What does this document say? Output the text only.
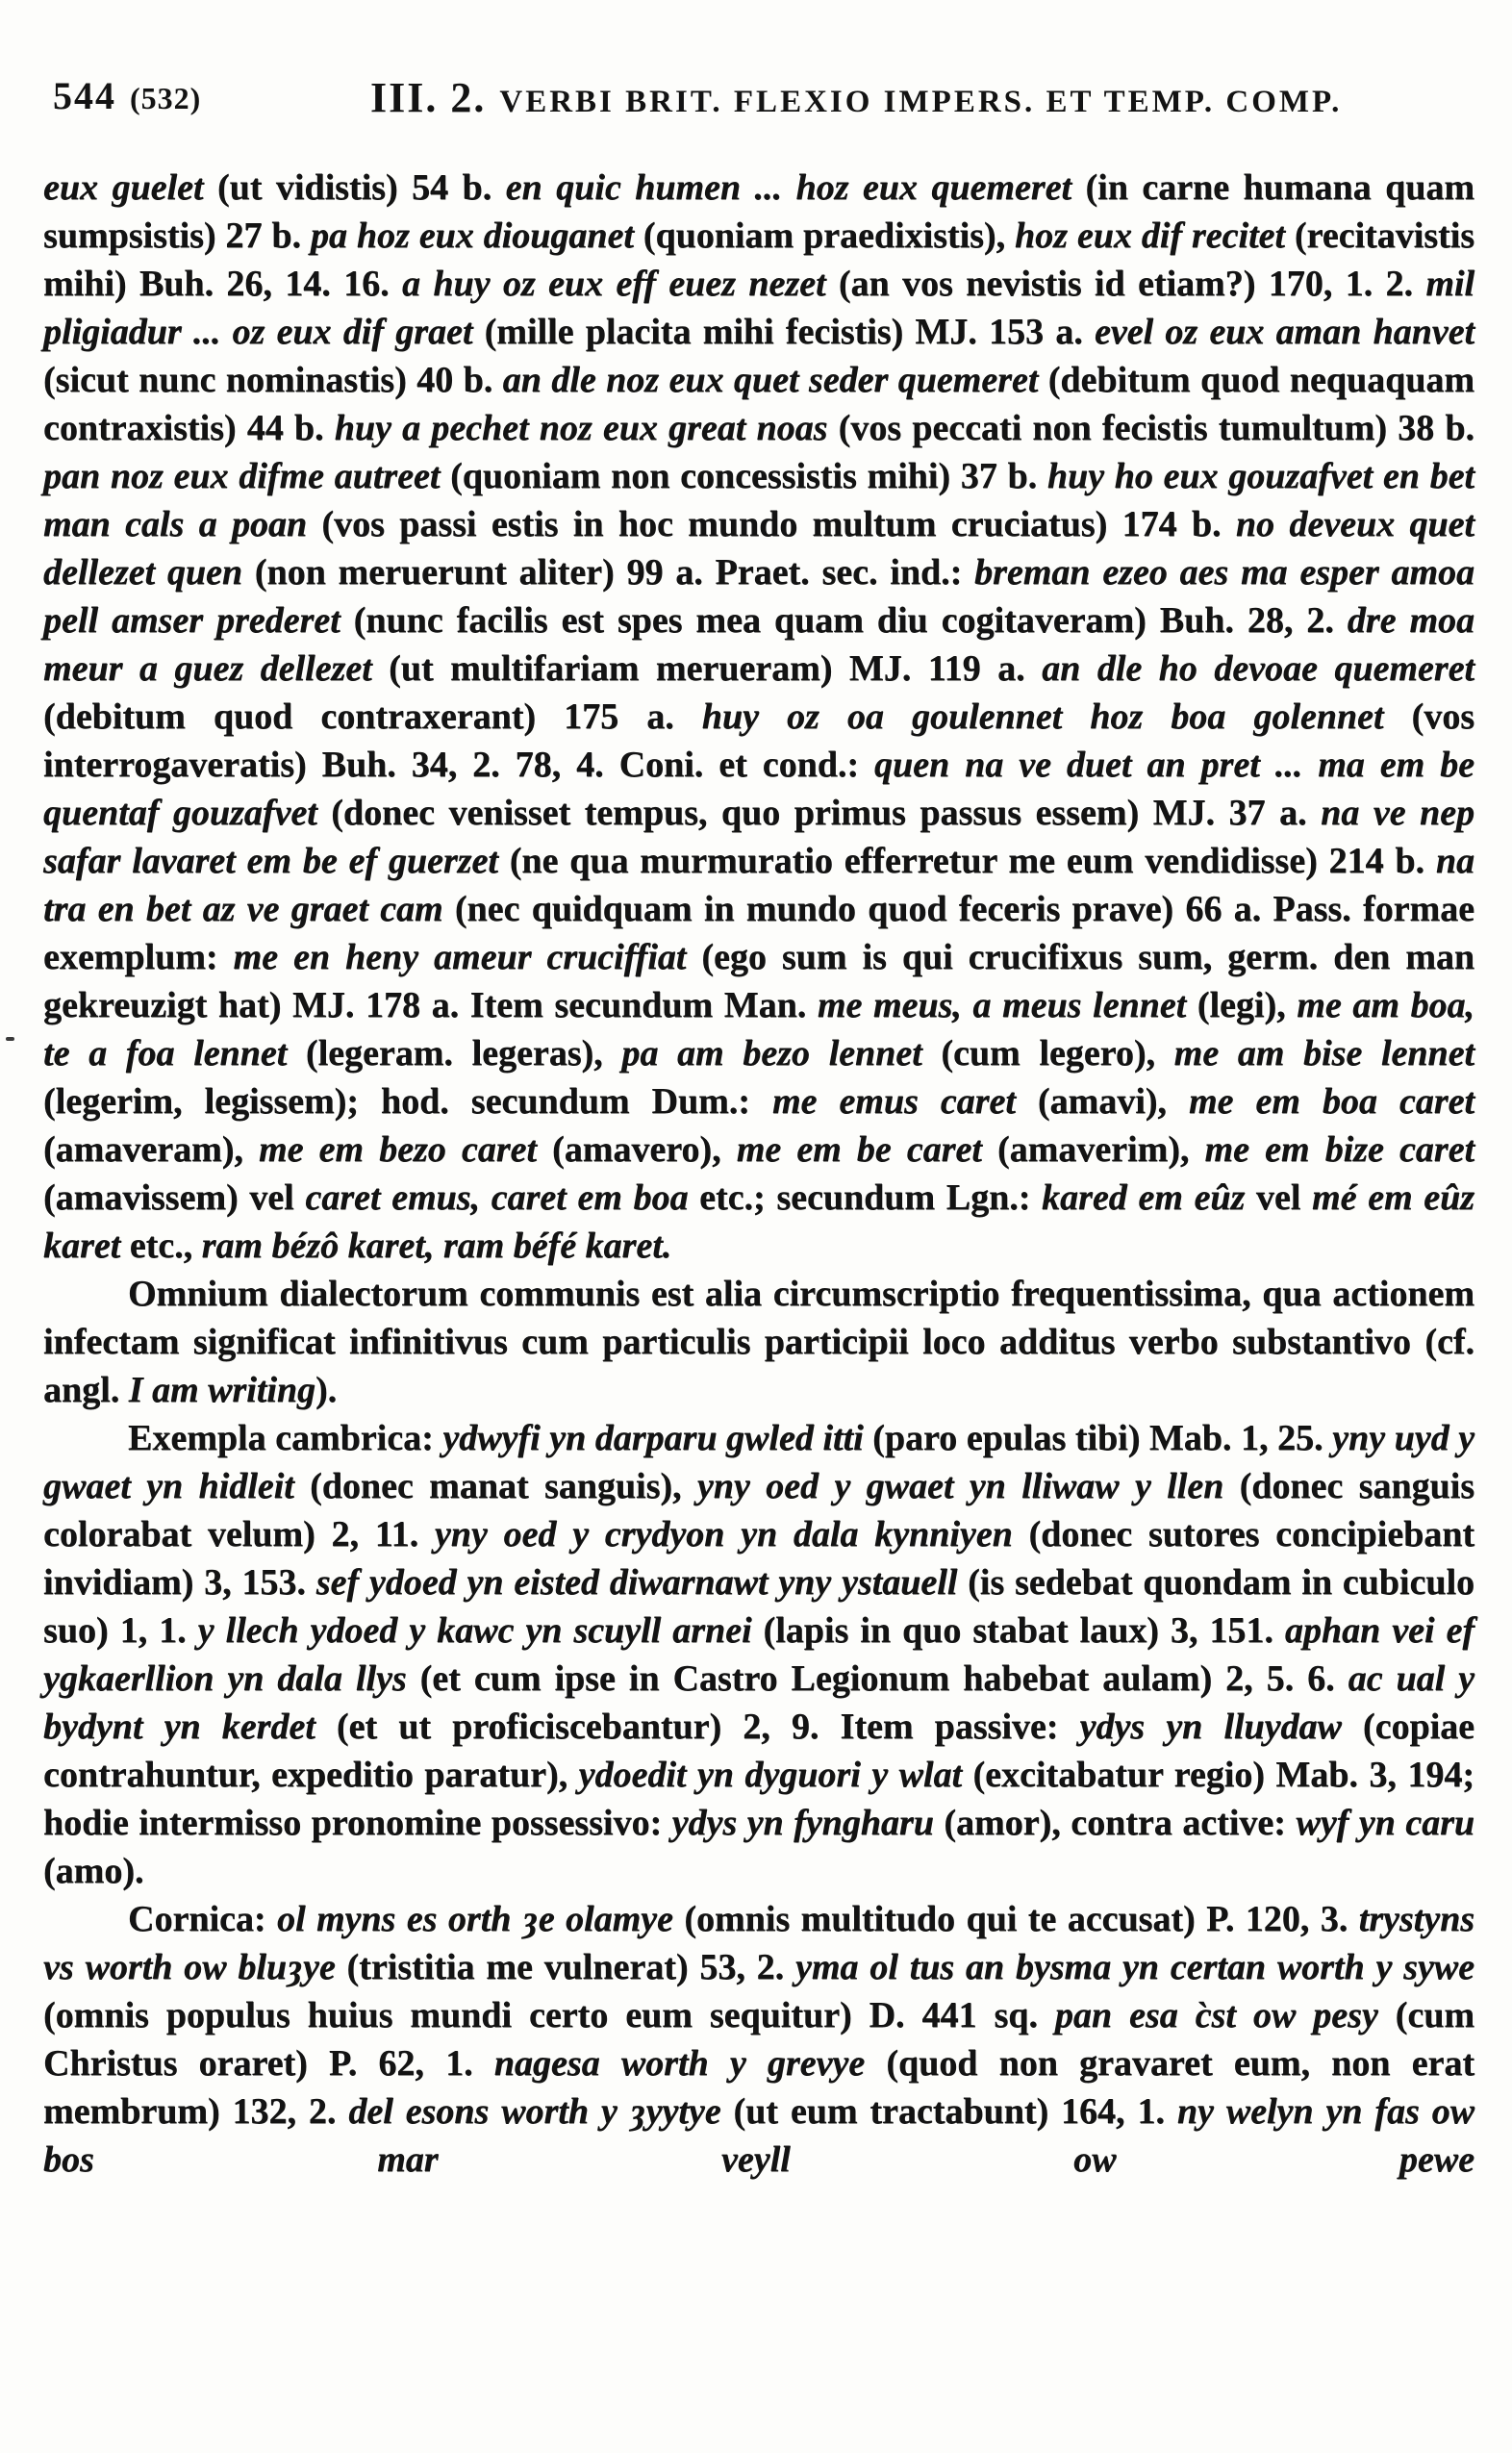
544 (532)	III. 2. VERBI BRIT. FLEXIO IMPERS. ET TEMP. COMP.

eux guelet (ut vidistis) 54 b. en quic humen ... hoz eux quemeret (in carne humana quam sumpsistis) 27 b. pa hoz eux diouganet (quoniam praedixistis), hoz eux dif recitet (recitavistis mihi) Buh. 26, 14. 16. a huy oz eux eff euez nezet (an vos nevistis id etiam?) 170, 1. 2. mil pligiadur ... oz eux dif graet (mille placita mihi fecistis) MJ. 153 a. evel oz eux aman hanvet (sicut nunc nominastis) 40 b. an dle noz eux quet seder quemeret (debitum quod nequaquam contraxistis) 44 b. huy a pechet noz eux great noas (vos peccati non fecistis tumultum) 38 b. pan noz eux difme autreet (quoniam non concessistis mihi) 37 b. huy ho eux gouzafvet en bet man cals a poan (vos passi estis in hoc mundo multum cruciatus) 174 b. no deveux quet dellezet quen (non meruerunt aliter) 99 a. Praet. sec. ind.: breman ezeo aes ma esper amoa pell amser prederet (nunc facilis est spes mea quam diu cogitaveram) Buh. 28, 2. dre moa meur a guez dellezet (ut multifariam merueram) MJ. 119 a. an dle ho devoae quemeret (debitum quod contraxerant) 175 a. huy oz oa goulennet hoz boa golennet (vos interrogaveratis) Buh. 34, 2. 78, 4. Coni. et cond.: quen na ve duet an pret ... ma em be quentaf gouzafvet (donec venisset tempus, quo primus passus essem) MJ. 37 a. na ve nep safar lavaret em be ef guerzet (ne qua murmuratio efferretur me eum vendidisse) 214 b. na tra en bet az ve graet cam (nec quidquam in mundo quod feceris prave) 66 a. Pass. formae exemplum: me en heny ameur cruciffiat (ego sum is qui crucifixus sum, germ. den man gekreuzigt hat) MJ. 178 a. Item secundum Man. me meus, a meus lennet (legi), me am boa, te a foa lennet (legeram. legeras), pa am bezo lennet (cum legero), me am bise lennet (legerim, legissem); hod. secundum Dum.: me emus caret (amavi), me em boa caret (amaveram), me em bezo caret (amavero), me em be caret (amaverim), me em bize caret (amavissem) vel caret emus, caret em boa etc.; secundum Lgn.: kared em eûz vel mé em eûz karet etc., ram bézô karet, ram béfé karet.

Omnium dialectorum communis est alia circumscriptio frequentissima, qua actionem infectam significat infinitivus cum particulis participii loco additus verbo substantivo (cf. angl. I am writing).

Exempla cambrica: ydwyfi yn darparu gwled itti (paro epulas tibi) Mab. 1, 25. yny uyd y gwaet yn hidleit (donec manat sanguis), yny oed y gwaet yn lliwaw y llen (donec sanguis colorabat velum) 2, 11. yny oed y crydyon yn dala kynniyen (donec sutores concipiebant invidiam) 3, 153. sef ydoed yn eisted diwarnawt yny ystauell (is sedebat quondam in cubiculo suo) 1, 1. y llech ydoed y kawc yn scuyll arnei (lapis in quo stabat laux) 3, 151. aphan vei ef ygkaerllion yn dala llys (et cum ipse in Castro Legionum habebat aulam) 2, 5. 6. ac ual y bydynt yn kerdet (et ut proficiscebantur) 2, 9. Item passive: ydys yn lluydaw (copiae contrahuntur, expeditio paratur), ydoedit yn dyguori y wlat (excitabatur regio) Mab. 3, 194; hodie intermisso pronomine possessivo: ydys yn fyngharu (amor), contra active: wyf yn caru (amo).

Cornica: ol myns es orth ȝe olamye (omnis multitudo qui te accusat) P. 120, 3. trystyns vs worth ow bluȝye (tristitia me vulnerat) 53, 2. yma ol tus an bysma yn certan worth y sywe (omnis populus huius mundi certo eum sequitur) D. 441 sq. pan esa c̀st ow pesy (cum Christus oraret) P. 62, 1. nagesa worth y grevye (quod non gravaret eum, non erat membrum) 132, 2. del esons worth y ȝyytye (ut eum tractabunt) 164, 1. ny welyn yn fas ow bos mar veyll ow pewe
